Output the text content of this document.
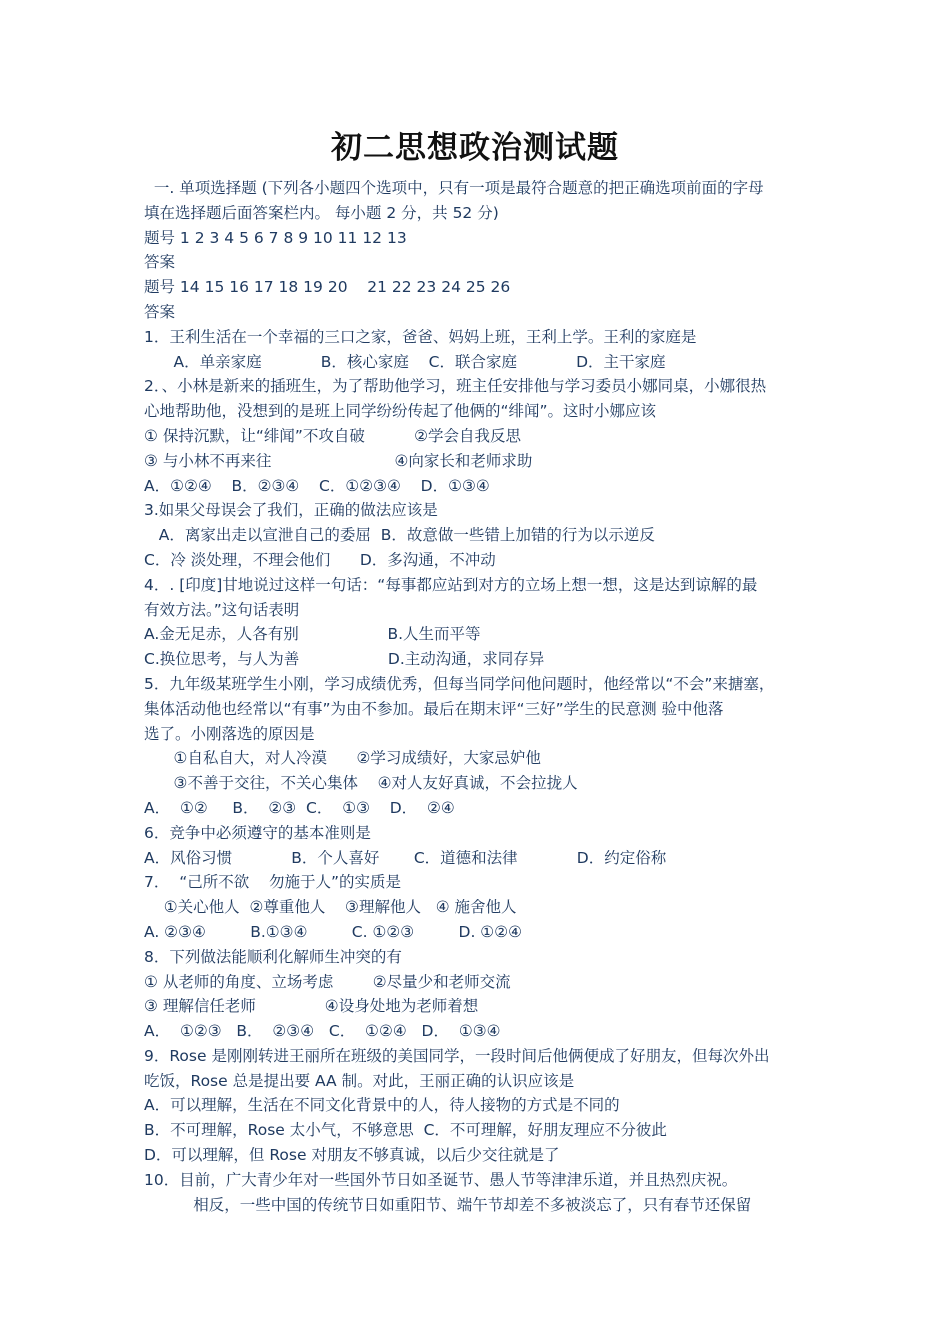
初二思想政治测试题
一. 单项选择题 (下列各小题四个选项中，只有一项是最符合题意的把正确选项前面的字母
填在选择题后面答案栏内。 每小题 2 分，共 52 分)
题号 1 2 3 4 5 6 7 8 9 10 11 12 13
答案
题号 14 15 16 17 18 19 20    21 22 23 24 25 26
答案
1．王利生活在一个幸福的三口之家，爸爸、妈妈上班，王利上学。王利的家庭是
A．单亲家庭            B．核心家庭    C．联合家庭            D．主干家庭
2．、小林是新来的插班生，为了帮助他学习，班主任安排他与学习委员小娜同桌，小娜很热
心地帮助他，没想到的是班上同学纷纷传起了他俩的“绯闻”。这时小娜应该
① 保持沉默，让“绯闻”不攻自破          ②学会自我反思
③ 与小林不再来往                         ④向家长和老师求助
A．①②④    B．②③④    C．①②③④    D．①③④
3.如果父母误会了我们，正确的做法应该是
A．离家出走以宣泄自己的委屈  B．故意做一些错上加错的行为以示逆反
C．冷 淡处理，不理会他们      D．多沟通，不冲动
4．. [印度]甘地说过这样一句话：“每事都应站到对方的立场上想一想，这是达到谅解的最
有效方法。”这句话表明
A.金无足赤，人各有别                  B.人生而平等
C.换位思考，与人为善                  D.主动沟通，求同存异
5．九年级某班学生小刚，学习成绩优秀，但每当同学问他问题时，他经常以“不会”来搪塞，
集体活动他也经常以“有事”为由不参加。最后在期末评“三好”学生的民意测 验中他落
选了。小刚落选的原因是
①自私自大，对人冷漠      ②学习成绩好，大家忌妒他
③不善于交往，不关心集体    ④对人友好真诚，不会拉拢人
A．  ①②     B．  ②③  C．  ①③    D．  ②④
6．竞争中必须遵守的基本准则是
A．风俗习惯            B．个人喜好       C．道德和法律            D．约定俗称
7．  “己所不欲    勿施于人”的实质是
①关心他人  ②尊重他人    ③理解他人   ④ 施舍他人
A. ②③④         B.①③④         C. ①②③         D. ①②④
8．下列做法能顺利化解师生冲突的有
① 从老师的角度、立场考虑        ②尽量少和老师交流
③ 理解信任老师              ④设身处地为老师着想
A．  ①②③   B．  ②③④   C．  ①②④   D．  ①③④
9．Rose 是刚刚转进王丽所在班级的美国同学，一段时间后他俩便成了好朋友，但每次外出
吃饭，Rose 总是提出要 AA 制。对此，王丽正确的认识应该是
A．可以理解，生活在不同文化背景中的人，待人接物的方式是不同的
B．不可理解，Rose 太小气，不够意思  C．不可理解，好朋友理应不分彼此
D．可以理解，但 Rose 对朋友不够真诚，以后少交往就是了
10．目前，广大青少年对一些国外节日如圣诞节、愚人节等津津乐道，并且热烈庆祝。
相反，一些中国的传统节日如重阳节、端午节却差不多被淡忘了，只有春节还保留
